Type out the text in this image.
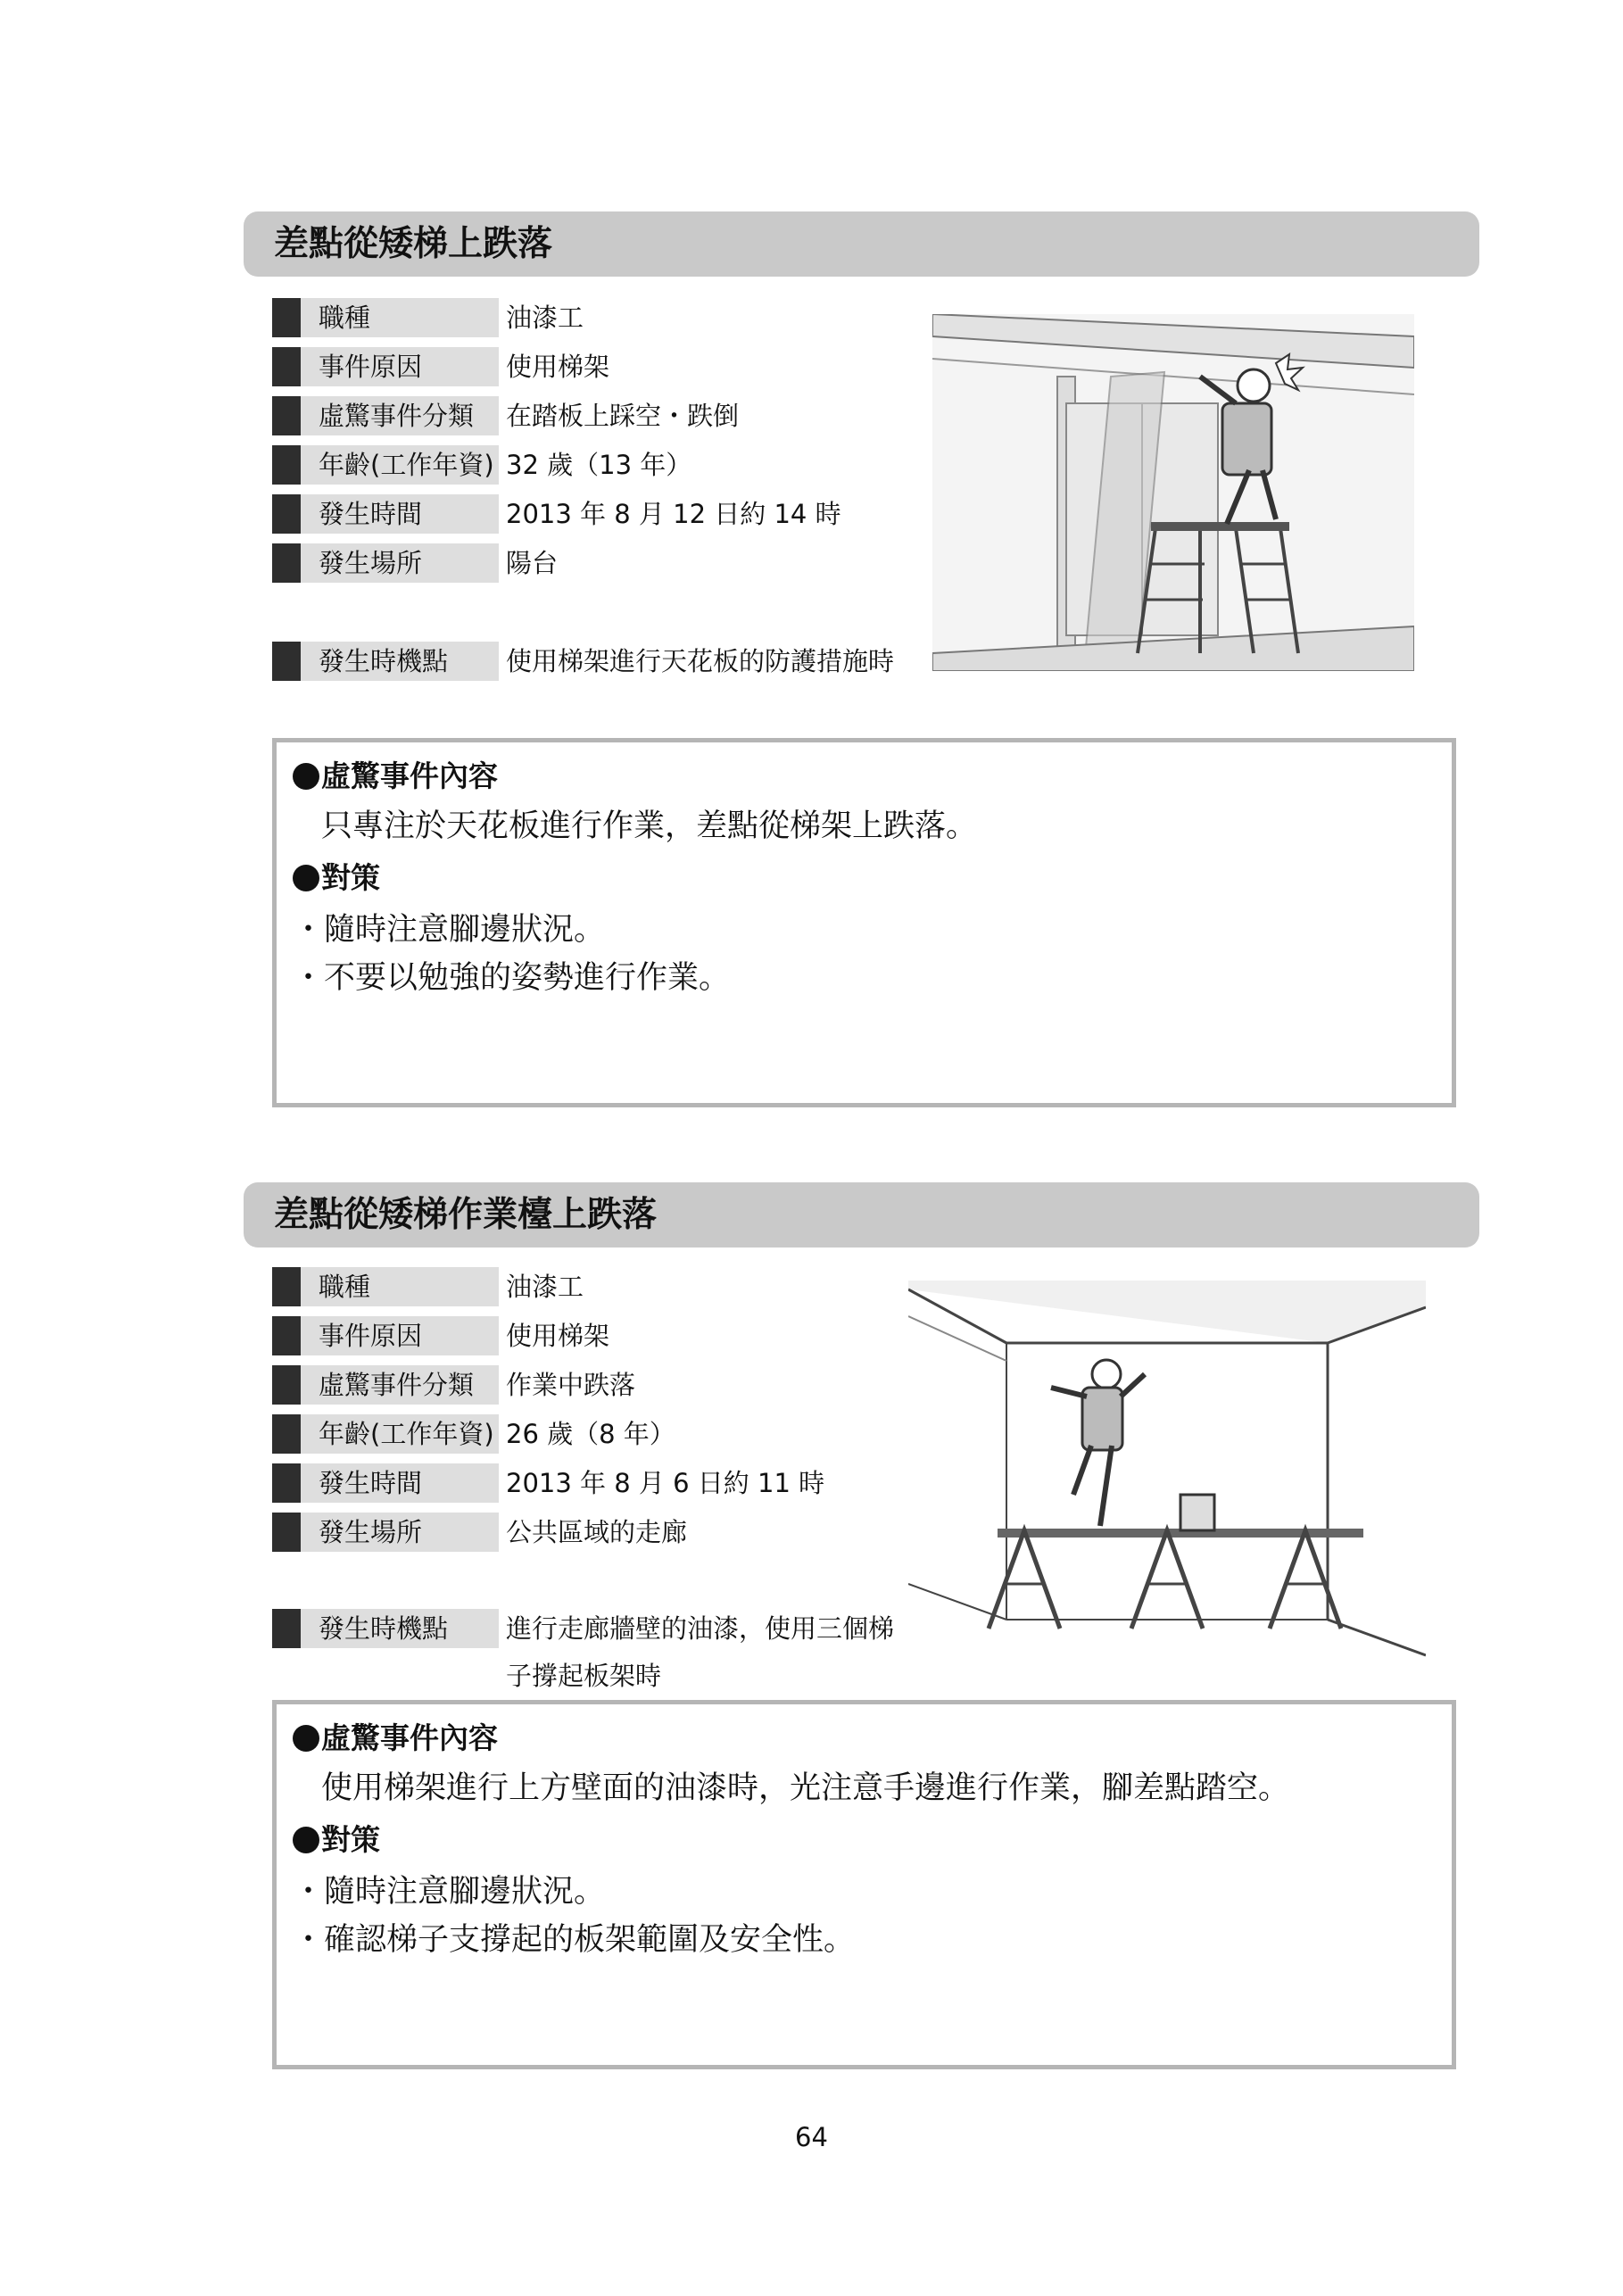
差點從矮梯上跌落
職種	油漆工
事件原因	使用梯架
虛驚事件分類	在踏板上踩空・跌倒
年齡(工作年資) 32 歲（13 年）
發生時間	2013 年 8 月 12 日約 14 時
發生場所	陽台
發生時機點	使用梯架進行天花板的防護措施時
虛驚事件內容
只專注於天花板進行作業，差點從梯架上跌落。
對策
・隨時注意腳邊狀況。
・不要以勉強的姿勢進行作業。
差點從矮梯作業檯上跌落
職種	油漆工
事件原因	使用梯架
虛驚事件分類	作業中跌落
年齡(工作年資) 26 歲（8 年）
發生時間	2013 年 8 月 6 日約 11 時
發生場所	公共區域的走廊
發生時機點	進行走廊牆壁的油漆，使用三個梯子撐起板架時
虛驚事件內容
使用梯架進行上方壁面的油漆時，光注意手邊進行作業，腳差點踏空。
對策
・隨時注意腳邊狀況。
・確認梯子支撐起的板架範圍及安全性。
64
